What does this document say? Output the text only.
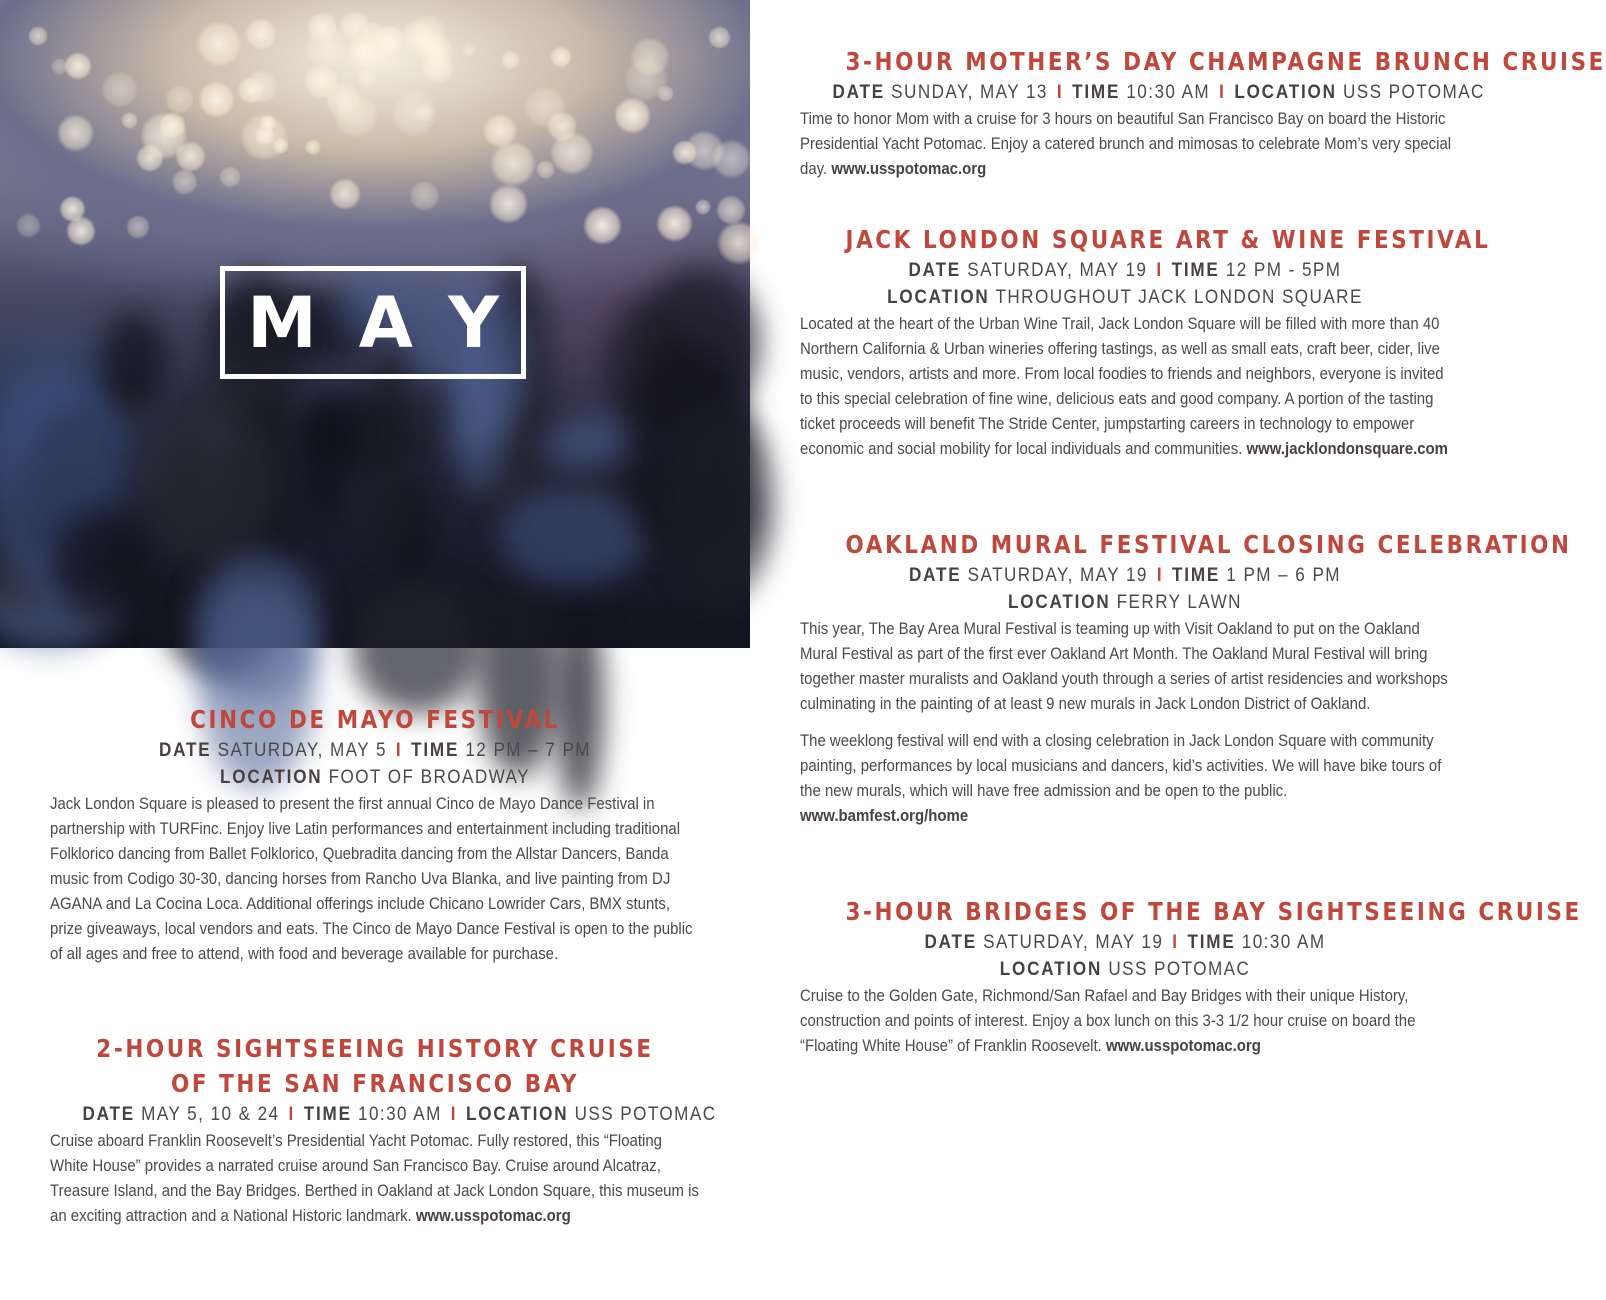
MAY
CINCO DE MAYO FESTIVAL
DATE SATURDAY, MAY 5 I TIME 12 PM – 7 PM
LOCATION FOOT OF BROADWAY

Jack London Square is pleased to present the first annual Cinco de Mayo Dance Festival in partnership with TURFinc. Enjoy live Latin performances and entertainment including traditional Folklorico dancing from Ballet Folklorico, Quebradita dancing from the Allstar Dancers, Banda music from Codigo 30-30, dancing horses from Rancho Uva Blanka, and live painting from DJ AGANA and La Cocina Loca. Additional offerings include Chicano Lowrider Cars, BMX stunts, prize giveaways, local vendors and eats. The Cinco de Mayo Dance Festival is open to the public of all ages and free to attend, with food and beverage available for purchase.

2-HOUR SIGHTSEEING HISTORY CRUISE
OF THE SAN FRANCISCO BAY
DATE MAY 5, 10 & 24 I TIME 10:30 AM I LOCATION USS POTOMAC

Cruise aboard Franklin Roosevelt’s Presidential Yacht Potomac. Fully restored, this “Floating White House” provides a narrated cruise around San Francisco Bay. Cruise around Alcatraz, Treasure Island, and the Bay Bridges. Berthed in Oakland at Jack London Square, this museum is an exciting attraction and a National Historic landmark. www.usspotomac.org

3-HOUR MOTHER’S DAY CHAMPAGNE BRUNCH CRUISE
DATE SUNDAY, MAY 13 I TIME 10:30 AM I LOCATION USS POTOMAC

Time to honor Mom with a cruise for 3 hours on beautiful San Francisco Bay on board the Historic Presidential Yacht Potomac. Enjoy a catered brunch and mimosas to celebrate Mom’s very special day. www.usspotomac.org

JACK LONDON SQUARE ART & WINE FESTIVAL
DATE SATURDAY, MAY 19 I TIME 12 PM - 5PM
LOCATION THROUGHOUT JACK LONDON SQUARE

Located at the heart of the Urban Wine Trail, Jack London Square will be filled with more than 40 Northern California & Urban wineries offering tastings, as well as small eats, craft beer, cider, live music, vendors, artists and more. From local foodies to friends and neighbors, everyone is invited to this special celebration of fine wine, delicious eats and good company. A portion of the tasting ticket proceeds will benefit The Stride Center, jumpstarting careers in technology to empower economic and social mobility for local individuals and communities. www.jacklondonsquare.com

OAKLAND MURAL FESTIVAL CLOSING CELEBRATION
DATE SATURDAY, MAY 19 I TIME 1 PM – 6 PM
LOCATION FERRY LAWN

This year, The Bay Area Mural Festival is teaming up with Visit Oakland to put on the Oakland Mural Festival as part of the first ever Oakland Art Month. The Oakland Mural Festival will bring together master muralists and Oakland youth through a series of artist residencies and workshops culminating in the painting of at least 9 new murals in Jack London District of Oakland.

The weeklong festival will end with a closing celebration in Jack London Square with community painting, performances by local musicians and dancers, kid’s activities. We will have bike tours of the new murals, which will have free admission and be open to the public. www.bamfest.org/home

3-HOUR BRIDGES OF THE BAY SIGHTSEEING CRUISE
DATE SATURDAY, MAY 19 I TIME 10:30 AM
LOCATION USS POTOMAC

Cruise to the Golden Gate, Richmond/San Rafael and Bay Bridges with their unique History, construction and points of interest. Enjoy a box lunch on this 3-3 1/2 hour cruise on board the “Floating White House” of Franklin Roosevelt. www.usspotomac.org
